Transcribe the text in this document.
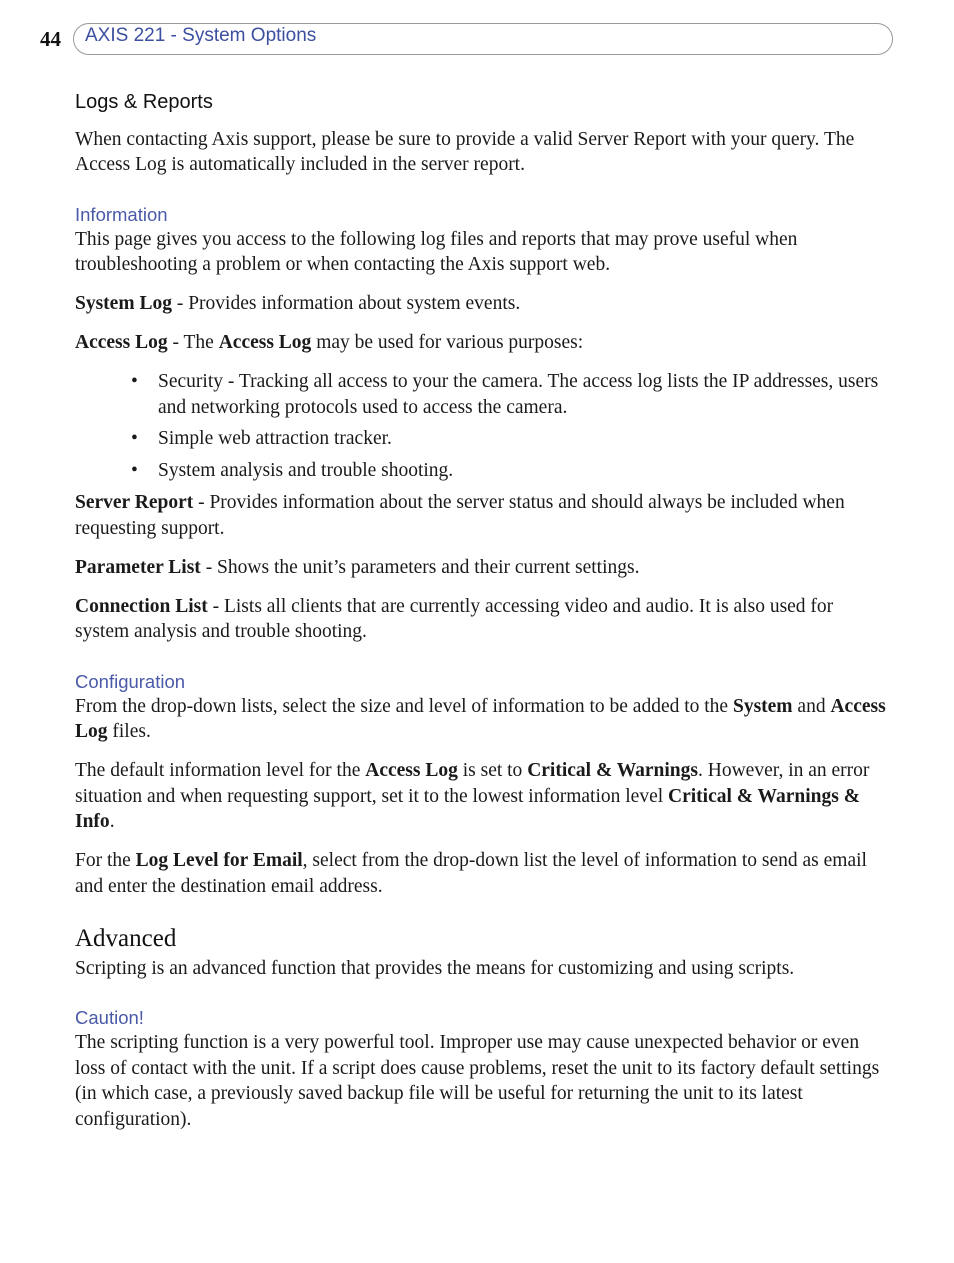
44 AXIS 221 - System Options
Logs & Reports

When contacting Axis support, please be sure to provide a valid Server Report with your query. The Access Log is automatically included in the server report.

Information

This page gives you access to the following log files and reports that may prove useful when troubleshooting a problem or when contacting the Axis support web.

System Log - Provides information about system events.

Access Log - The Access Log may be used for various purposes:

• Security - Tracking all access to your the camera. The access log lists the IP addresses, users and networking protocols used to access the camera.
• Simple web attraction tracker.
• System analysis and trouble shooting.

Server Report - Provides information about the server status and should always be included when requesting support.

Parameter List - Shows the unit’s parameters and their current settings.

Connection List - Lists all clients that are currently accessing video and audio. It is also used for system analysis and trouble shooting.

Configuration

From the drop-down lists, select the size and level of information to be added to the System and Access Log files.

The default information level for the Access Log is set to Critical & Warnings. However, in an error situation and when requesting support, set it to the lowest information level Critical & Warnings & Info.

For the Log Level for Email, select from the drop-down list the level of information to send as email and enter the destination email address.

Advanced

Scripting is an advanced function that provides the means for customizing and using scripts.

Caution!

The scripting function is a very powerful tool. Improper use may cause unexpected behavior or even loss of contact with the unit. If a script does cause problems, reset the unit to its factory default settings (in which case, a previously saved backup file will be useful for returning the unit to its latest configuration).
